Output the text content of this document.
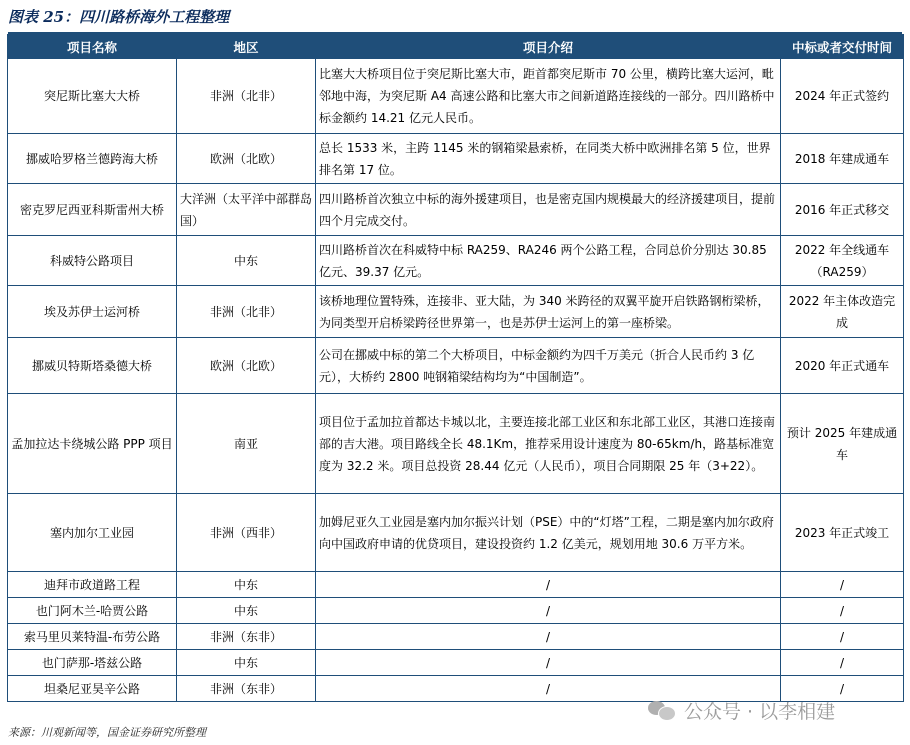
图表 25：四川路桥海外工程整理
项目名称	地区	项目介绍	中标或者交付时间
突尼斯比塞大大桥	非洲（北非）	比塞大大桥项目位于突尼斯比塞大市，距首都突尼斯市 70 公里，横跨比塞大运河，毗邻地中海，为突尼斯 A4 高速公路和比塞大市之间新道路连接线的一部分。四川路桥中标金额约 14.21 亿元人民币。	2024 年正式签约
挪威哈罗格兰德跨海大桥	欧洲（北欧）	总长 1533 米，主跨 1145 米的钢箱梁悬索桥，在同类大桥中欧洲排名第 5 位，世界排名第 17 位。	2018 年建成通车
密克罗尼西亚科斯雷州大桥	大洋洲（太平洋中部群岛国）	四川路桥首次独立中标的海外援建项目，也是密克国内规模最大的经济援建项目，提前四个月完成交付。	2016 年正式移交
科威特公路项目	中东	四川路桥首次在科威特中标 RA259、RA246 两个公路工程，合同总价分别达 30.85 亿元、39.37 亿元。	2022 年全线通车（RA259）
埃及苏伊士运河桥	非洲（北非）	该桥地理位置特殊，连接非、亚大陆，为 340 米跨径的双翼平旋开启铁路钢桁梁桥，为同类型开启桥梁跨径世界第一，也是苏伊士运河上的第一座桥梁。	2022 年主体改造完成
挪威贝特斯塔桑德大桥	欧洲（北欧）	公司在挪威中标的第二个大桥项目，中标金额约为四千万美元（折合人民币约 3 亿元），大桥约 2800 吨钢箱梁结构均为“中国制造”。	2020 年正式通车
孟加拉达卡绕城公路 PPP 项目	南亚	项目位于孟加拉首都达卡城以北，主要连接北部工业区和东北部工业区，其港口连接南部的吉大港。项目路线全长 48.1Km，推荐采用设计速度为 80-65km/h，路基标准宽度为 32.2 米。项目总投资 28.44 亿元（人民币），项目合同期限 25 年（3+22）。	预计 2025 年建成通车
塞内加尔工业园	非洲（西非）	加姆尼亚久工业园是塞内加尔振兴计划（PSE）中的“灯塔”工程，二期是塞内加尔政府向中国政府申请的优贷项目，建设投资约 1.2 亿美元，规划用地 30.6 万平方米。	2023 年正式竣工
迪拜市政道路工程	中东	/	/
也门阿木兰-哈贾公路	中东	/	/
索马里贝莱特温-布劳公路	非洲（东非）	/	/
也门萨那-塔兹公路	中东	/	/
坦桑尼亚昊辛公路	非洲（东非）	/	/
来源：川观新闻等，国金证券研究所整理
公众号 · 以李相建
